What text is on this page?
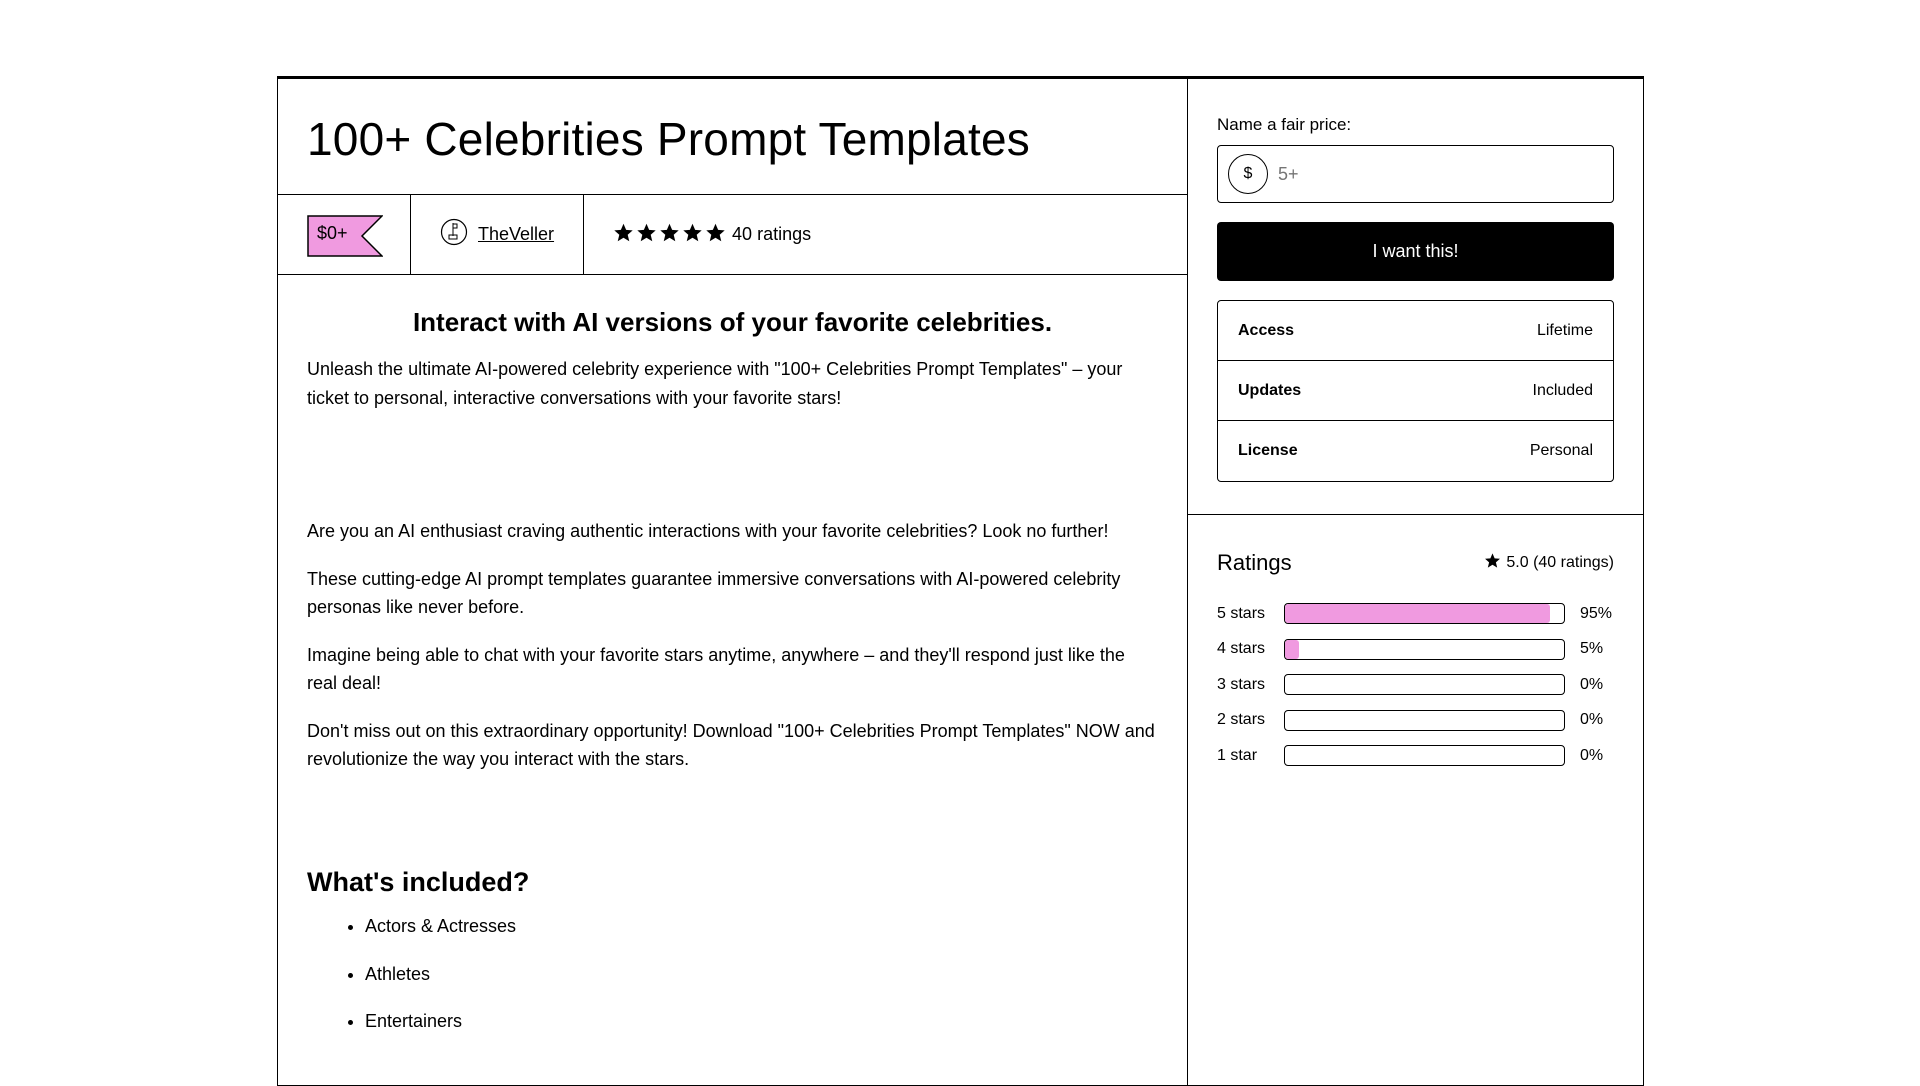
100+ Celebrities Prompt Templates
$0+	TheVeller	40 ratings
Interact with AI versions of your favorite celebrities.

Unleash the ultimate AI-powered celebrity experience with "100+ Celebrities Prompt Templates" – your ticket to personal, interactive conversations with your favorite stars!

Are you an AI enthusiast craving authentic interactions with your favorite celebrities? Look no further!

These cutting-edge AI prompt templates guarantee immersive conversations with AI-powered celebrity personas like never before.

Imagine being able to chat with your favorite stars anytime, anywhere – and they'll respond just like the real deal!

Don't miss out on this extraordinary opportunity! Download "100+ Celebrities Prompt Templates" NOW and revolutionize the way you interact with the stars.

What's included?
• Actors & Actresses
• Athletes
• Entertainers
Name a fair price:
$
5+
I want this!
Access	Lifetime
Updates	Included
License	Personal
Ratings	5.0 (40 ratings)
5 stars	95%
4 stars	5%
3 stars	0%
2 stars	0%
1 star	0%
